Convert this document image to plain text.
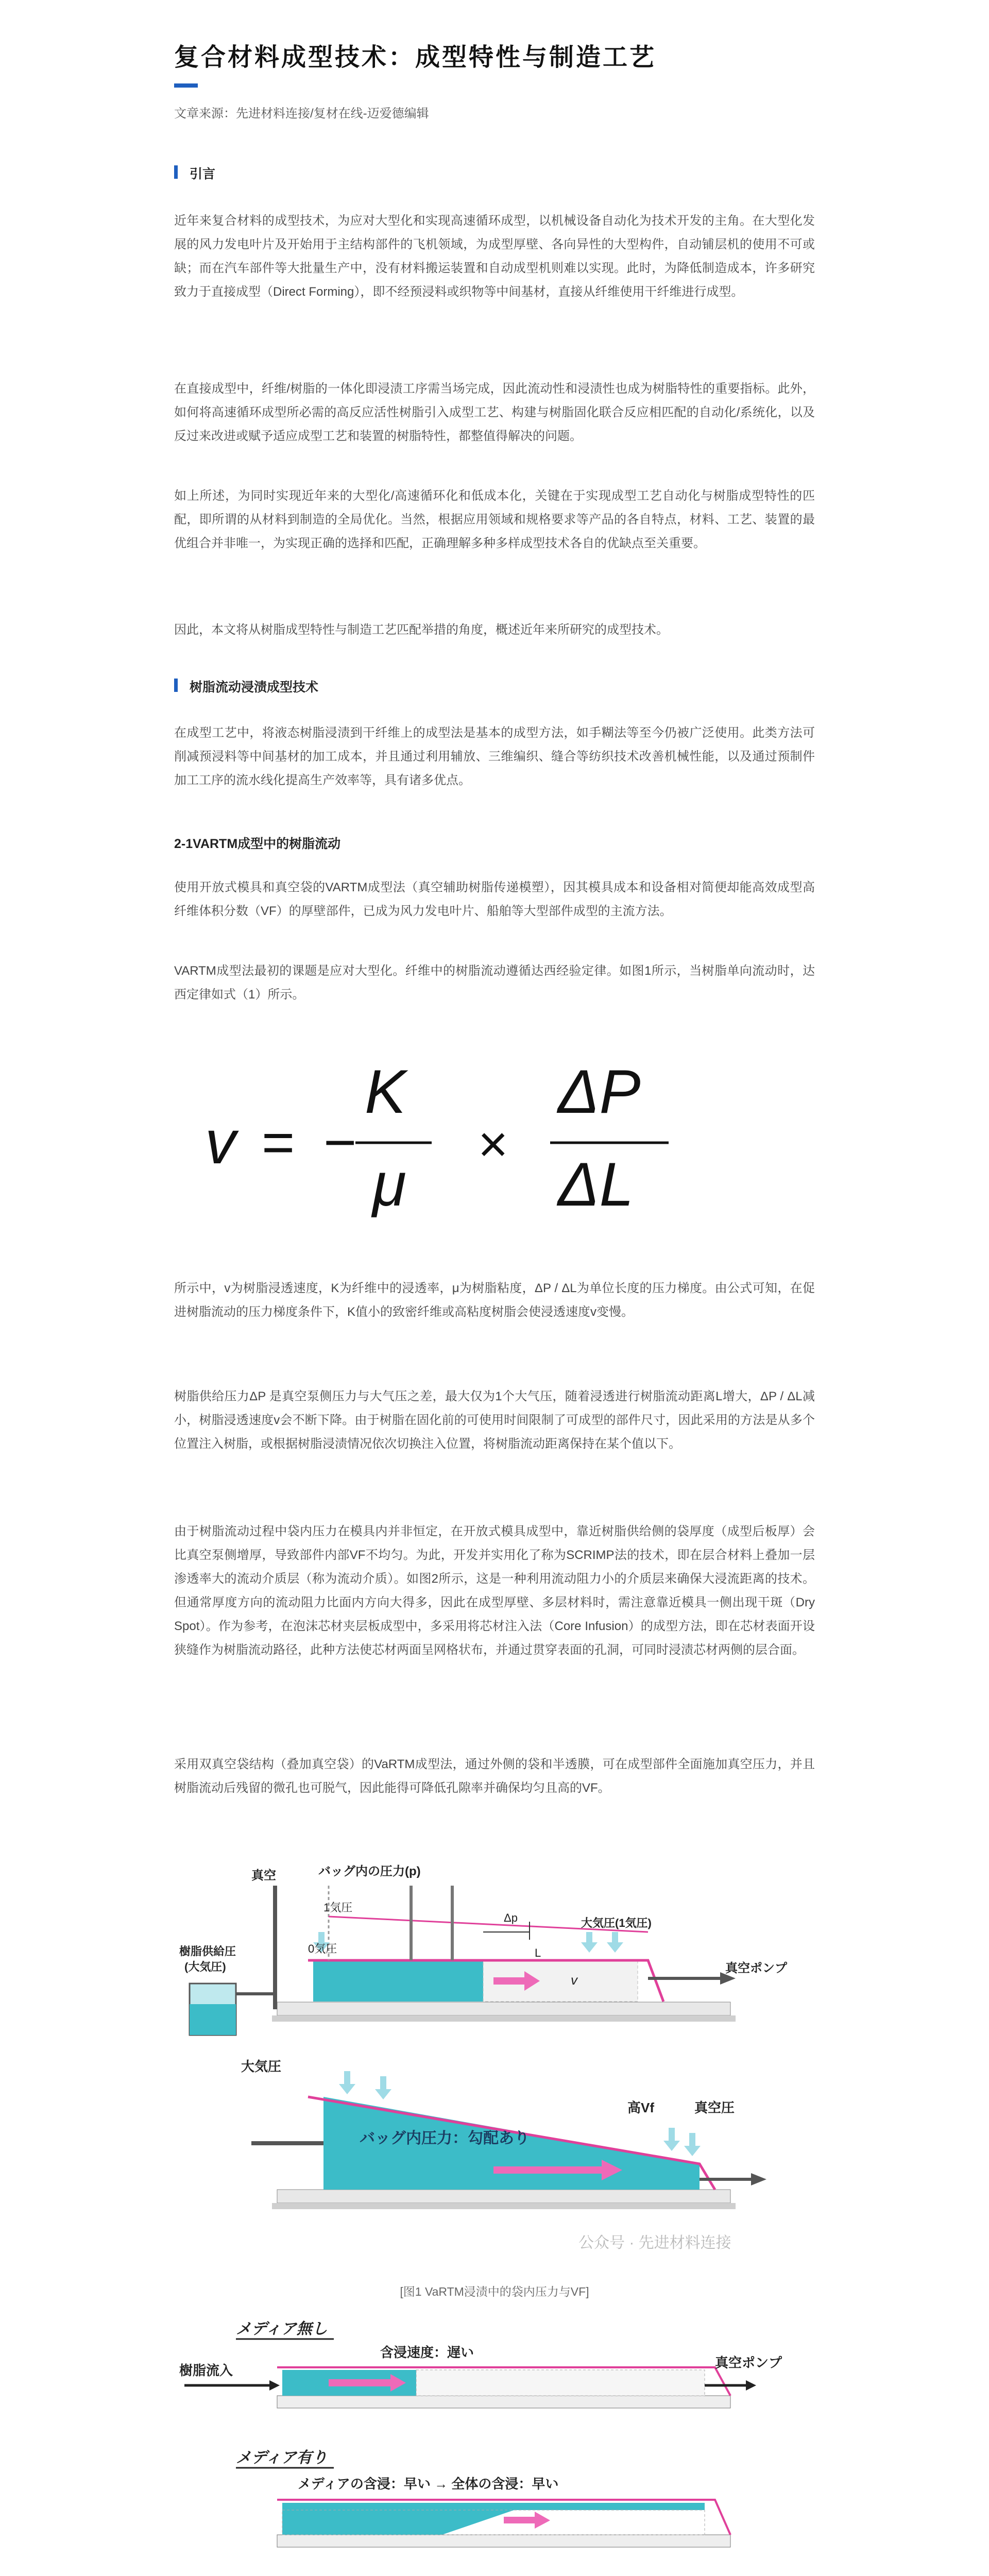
复合材料成型技术：成型特性与制造工艺
文章来源：先进材料连接/复材在线-迈爱德编辑
引言

近年来复合材料的成型技术，为应对大型化和实现高速循环成型，以机械设备自动化为技术开发的主角。在大型化发展的风力发电叶片及开始用于主结构部件的飞机领域，为成型厚壁、各向异性的大型构件，自动铺层机的使用不可或缺；而在汽车部件等大批量生产中，没有材料搬运装置和自动成型机则难以实现。此时，为降低制造成本，许多研究致力于直接成型（Direct Forming），即不经预浸料或织物等中间基材，直接从纤维使用干纤维进行成型。

在直接成型中，纤维/树脂的一体化即浸渍工序需当场完成，因此流动性和浸渍性也成为树脂特性的重要指标。此外，如何将高速循环成型所必需的高反应活性树脂引入成型工艺、构建与树脂固化联合反应相匹配的自动化/系统化，以及反过来改进或赋予适应成型工艺和装置的树脂特性，都整值得解决的问题。

如上所述，为同时实现近年来的大型化/高速循环化和低成本化，关键在于实现成型工艺自动化与树脂成型特性的匹配，即所谓的从材料到制造的全局优化。当然，根据应用领域和规格要求等产品的各自特点，材料、工艺、装置的最优组合并非唯一，为实现正确的选择和匹配，正确理解多种多样成型技术各自的优缺点至关重要。

因此，本文将从树脂成型特性与制造工艺匹配举措的角度，概述近年来所研究的成型技术。

树脂流动浸渍成型技术

在成型工艺中，将液态树脂浸渍到干纤维上的成型法是基本的成型方法，如手糊法等至今仍被广泛使用。此类方法可削减预浸料等中间基材的加工成本，并且通过利用辅放、三维编织、缝合等纺织技术改善机械性能，以及通过预制件加工工序的流水线化提高生产效率等，具有诸多优点。

2-1VARTM成型中的树脂流动

使用开放式模具和真空袋的VARTM成型法（真空辅助树脂传递模塑），因其模具成本和设备相对简便却能高效成型高纤维体积分数（VF）的厚壁部件，已成为风力发电叶片、船舶等大型部件成型的主流方法。

VARTM成型法最初的课题是应对大型化。纤维中的树脂流动遵循达西经验定律。如图1所示，当树脂单向流动时，达西定律如式（1）所示。

v = −
K
μ
×
ΔP
ΔL

所示中，v为树脂浸透速度，K为纤维中的浸透率，μ为树脂粘度，ΔP / ΔL为单位长度的压力梯度。由公式可知，在促进树脂流动的压力梯度条件下，K值小的致密纤维或高粘度树脂会使浸透速度v变慢。

树脂供给压力ΔP 是真空泵侧压力与大气压之差，最大仅为1个大气压，随着浸透进行树脂流动距离L增大，ΔP / ΔL减小，树脂浸透速度v会不断下降。由于树脂在固化前的可使用时间限制了可成型的部件尺寸，因此采用的方法是从多个位置注入树脂，或根据树脂浸渍情况依次切换注入位置，将树脂流动距离保持在某个值以下。

由于树脂流动过程中袋内压力在模具内并非恒定，在开放式模具成型中，靠近树脂供给侧的袋厚度（成型后板厚）会比真空泵侧增厚，导致部件内部VF不均匀。为此，开发并实用化了称为SCRIMP法的技术，即在层合材料上叠加一层渗透率大的流动介质层（称为流动介质）。如图2所示，这是一种利用流动阻力小的介质层来确保大浸流距离的技术。但通常厚度方向的流动阻力比面内方向大得多，因此在成型厚壁、多层材料时，需注意靠近模具一侧出现干斑（Dry Spot）。作为参考，在泡沫芯材夹层板成型中，多采用将芯材注入法（Core Infusion）的成型方法，即在芯材表面开设狭缝作为树脂流动路径，此种方法使芯材两面呈网格状布，并通过贯穿表面的孔洞，可同时浸渍芯材两侧的层合面。

采用双真空袋结构（叠加真空袋）的VaRTM成型法，通过外侧的袋和半透膜，可在成型部件全面施加真空压力，并且树脂流动后残留的微孔也可脱气，因此能得可降低孔隙率并确保均匀且高的VF。

真空	バッグ内の圧力(p)
1気圧
Δp
0気圧	L
大気圧(1気圧)
樹脂供給圧
(大気圧)
v
真空ポンプ
大気圧
高Vf	真空圧
バッグ内圧力：勾配あり
公众号 · 先进材料连接
[图1 VaRTM浸渍中的袋内压力与VF]
メディア無し
含浸速度：遅い
樹脂流入	真空ポンプ
メディア有り
メディアの含浸：早い → 全体の含浸：早い
